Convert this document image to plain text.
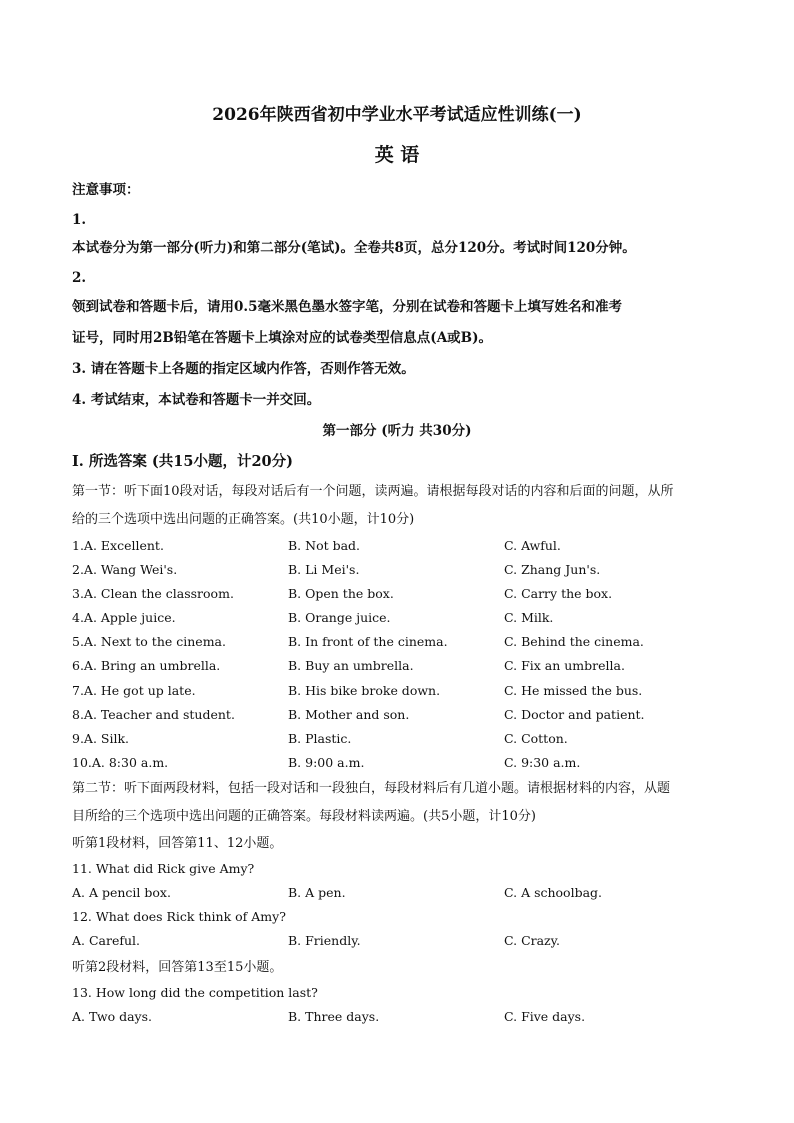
2026年陕西省初中学业水平考试适应性训练(一)
英 语
注意事项：
1.
本试卷分为第一部分(听力)和第二部分(笔试)。全卷共8页，总分120分。考试时间120分钟。
2.
领到试卷和答题卡后，请用0.5毫米黑色墨水签字笔，分别在试卷和答题卡上填写姓名和准考
证号，同时用2B铅笔在答题卡上填涂对应的试卷类型信息点(A或B)。
3. 请在答题卡上各题的指定区域内作答，否则作答无效。
4. 考试结束，本试卷和答题卡一并交回。
第一部分 (听力 共30分)
Ⅰ. 所选答案 (共15小题，计20分)
第一节：听下面10段对话，每段对话后有一个问题，读两遍。请根据每段对话的内容和后面的问题，从所
给的三个选项中选出问题的正确答案。(共10小题，计10分)
1.A. Excellent.	B. Not bad.	C. Awful.
2.A. Wang Wei's.	B. Li Mei's.	C. Zhang Jun's.
3.A. Clean the classroom.	B. Open the box.	C. Carry the box.
4.A. Apple juice.	B. Orange juice.	C. Milk.
5.A. Next to the cinema.	B. In front of the cinema.	C. Behind the cinema.
6.A. Bring an umbrella.	B. Buy an umbrella.	C. Fix an umbrella.
7.A. He got up late.	B. His bike broke down.	C. He missed the bus.
8.A. Teacher and student.	B. Mother and son.	C. Doctor and patient.
9.A. Silk.	B. Plastic.	C. Cotton.
10.A. 8:30 a.m.	B. 9:00 a.m.	C. 9:30 a.m.
第二节：听下面两段材料，包括一段对话和一段独白，每段材料后有几道小题。请根据材料的内容，从题
目所给的三个选项中选出问题的正确答案。每段材料读两遍。(共5小题，计10分)
听第1段材料，回答第11、12小题。
11. What did Rick give Amy?
A. A pencil box.	B. A pen.	C. A schoolbag.
12. What does Rick think of Amy?
A. Careful.	B. Friendly.	C. Crazy.
听第2段材料，回答第13至15小题。
13. How long did the competition last?
A. Two days.	B. Three days.	C. Five days.
